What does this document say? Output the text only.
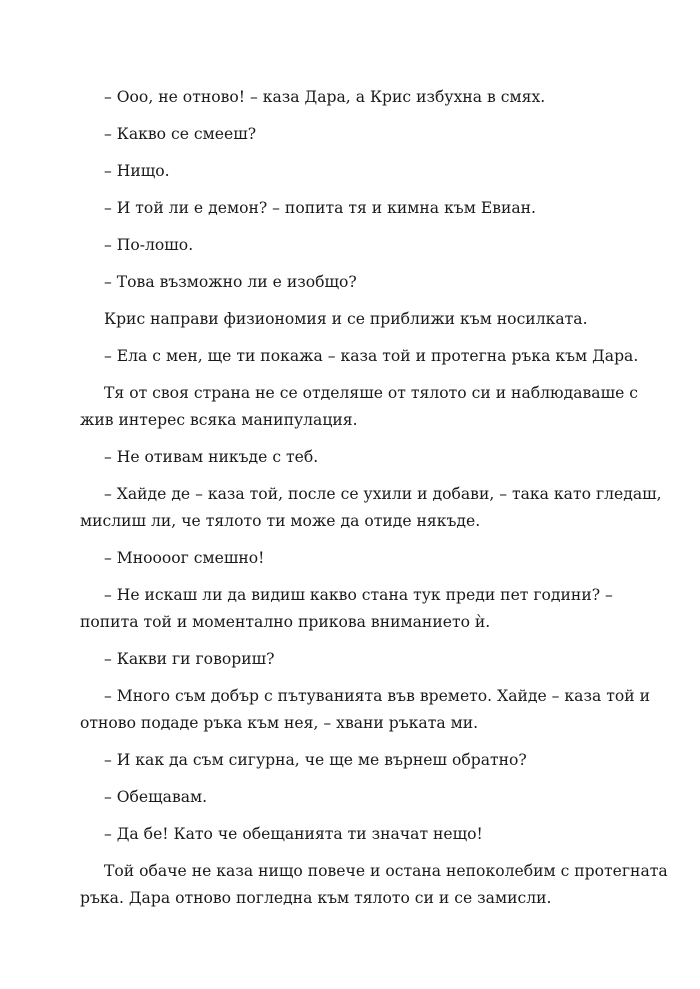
– Ооо, не отново! – каза Дара, а Крис избухна в смях.

– Какво се смееш?

– Нищо.

– И той ли е демон? – попита тя и кимна към Евиан.

– По-лошо.

– Това възможно ли е изобщо?

Крис направи физиономия и се приближи към носилката.

– Ела с мен, ще ти покажа – каза той и протегна ръка към Дара.

Тя от своя страна не се отделяше от тялото си и наблюдаваше с
жив интерес всяка манипулация.

– Не отивам никъде с теб.

– Хайде де – каза той, после се ухили и добави, – така като гледаш,
мислиш ли, че тялото ти може да отиде някъде.

– Мноооог смешно!

– Не искаш ли да видиш какво стана тук преди пет години? –
попита той и моментално прикова вниманието ѝ.

– Какви ги говориш?

– Много съм добър с пътуванията във времето. Хайде – каза той и
отново подаде ръка към нея, – хвани ръката ми.

– И как да съм сигурна, че ще ме върнеш обратно?

– Обещавам.

– Да бе! Като че обещанията ти значат нещо!

Той обаче не каза нищо повече и остана непоколебим с протегната
ръка. Дара отново погледна към тялото си и се замисли.
